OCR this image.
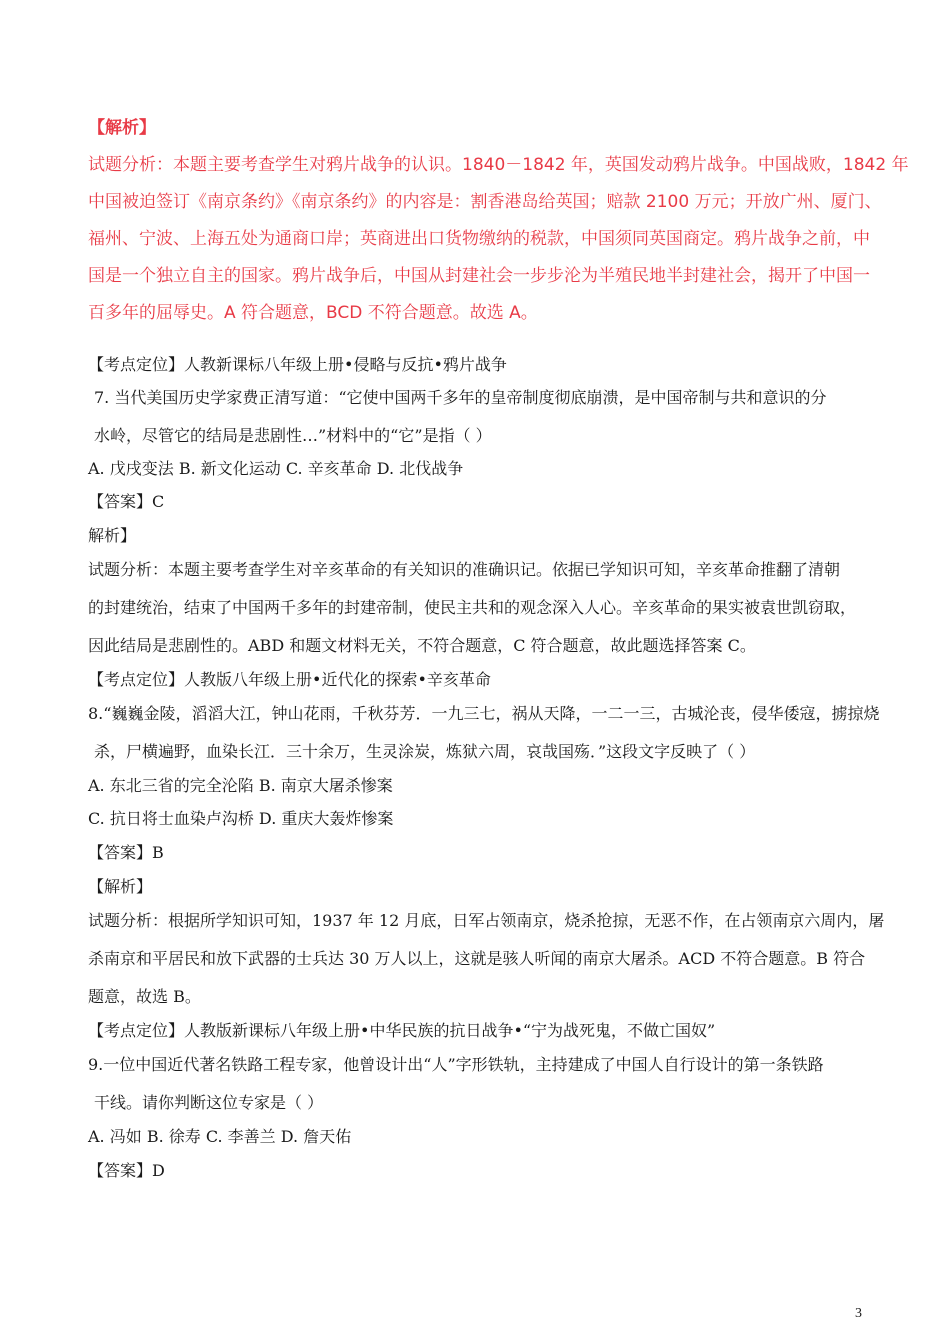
【解析】
试题分析：本题主要考查学生对鸦片战争的认识。1840－1842 年，英国发动鸦片战争。中国战败，1842 年
中国被迫签订《南京条约》《南京条约》的内容是：割香港岛给英国；赔款 2100 万元；开放广州、厦门、
福州、宁波、上海五处为通商口岸；英商进出口货物缴纳的税款，中国须同英国商定。鸦片战争之前，中
国是一个独立自主的国家。鸦片战争后，中国从封建社会一步步沦为半殖民地半封建社会，揭开了中国一
百多年的屈辱史。A 符合题意，BCD 不符合题意。故选 A。
【考点定位】人教新课标八年级上册•侵略与反抗•鸦片战争
7. 当代美国历史学家费正清写道：“它使中国两千多年的皇帝制度彻底崩溃，是中国帝制与共和意识的分
水岭，尽管它的结局是悲剧性…”材料中的“它”是指（ ）
A. 戊戌变法 B. 新文化运动 C. 辛亥革命 D. 北伐战争
【答案】C
解析】
试题分析：本题主要考查学生对辛亥革命的有关知识的准确识记。依据已学知识可知，辛亥革命推翻了清朝
的封建统治，结束了中国两千多年的封建帝制，使民主共和的观念深入人心。辛亥革命的果实被袁世凯窃取，
因此结局是悲剧性的。ABD 和题文材料无关，不符合题意，C 符合题意，故此题选择答案 C。
【考点定位】人教版八年级上册•近代化的探索•辛亥革命
8.“巍巍金陵，滔滔大江，钟山花雨，千秋芬芳．一九三七，祸从天降，一二一三，古城沦丧，侵华倭寇，掳掠烧
杀，尸横遍野，血染长江．三十余万，生灵涂炭，炼狱六周，哀哉国殇．”这段文字反映了（ ）
A. 东北三省的完全沦陷 B. 南京大屠杀惨案
C. 抗日将士血染卢沟桥 D. 重庆大轰炸惨案
【答案】B
【解析】
试题分析：根据所学知识可知，1937 年 12 月底，日军占领南京，烧杀抢掠，无恶不作，在占领南京六周内，屠
杀南京和平居民和放下武器的士兵达 30 万人以上，这就是骇人听闻的南京大屠杀。ACD 不符合题意。B 符合
题意，故选 B。
【考点定位】人教版新课标八年级上册•中华民族的抗日战争•“宁为战死鬼，不做亡国奴”
9.一位中国近代著名铁路工程专家，他曾设计出“人”字形铁轨，主持建成了中国人自行设计的第一条铁路
干线。请你判断这位专家是（ ）
A. 冯如 B. 徐寿 C. 李善兰 D. 詹天佑
【答案】D
3
